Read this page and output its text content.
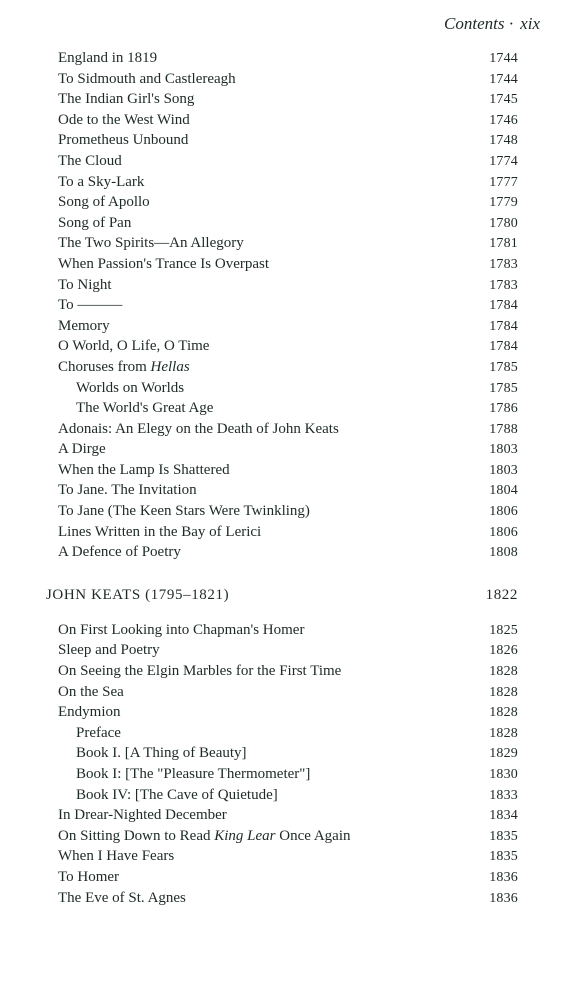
Contents · xix
England in 1819	1744
To Sidmouth and Castlereagh	1744
The Indian Girl's Song	1745
Ode to the West Wind	1746
Prometheus Unbound	1748
The Cloud	1774
To a Sky-Lark	1777
Song of Apollo	1779
Song of Pan	1780
The Two Spirits—An Allegory	1781
When Passion's Trance Is Overpast	1783
To Night	1783
To ———	1784
Memory	1784
O World, O Life, O Time	1784
Choruses from Hellas	1785
Worlds on Worlds	1785
The World's Great Age	1786
Adonais: An Elegy on the Death of John Keats	1788
A Dirge	1803
When the Lamp Is Shattered	1803
To Jane. The Invitation	1804
To Jane (The Keen Stars Were Twinkling)	1806
Lines Written in the Bay of Lerici	1806
A Defence of Poetry	1808
JOHN KEATS (1795–1821)	1822
On First Looking into Chapman's Homer	1825
Sleep and Poetry	1826
On Seeing the Elgin Marbles for the First Time	1828
On the Sea	1828
Endymion	1828
Preface	1828
Book I. [A Thing of Beauty]	1829
Book I: [The "Pleasure Thermometer"]	1830
Book IV: [The Cave of Quietude]	1833
In Drear-Nighted December	1834
On Sitting Down to Read King Lear Once Again	1835
When I Have Fears	1835
To Homer	1836
The Eve of St. Agnes	1836
